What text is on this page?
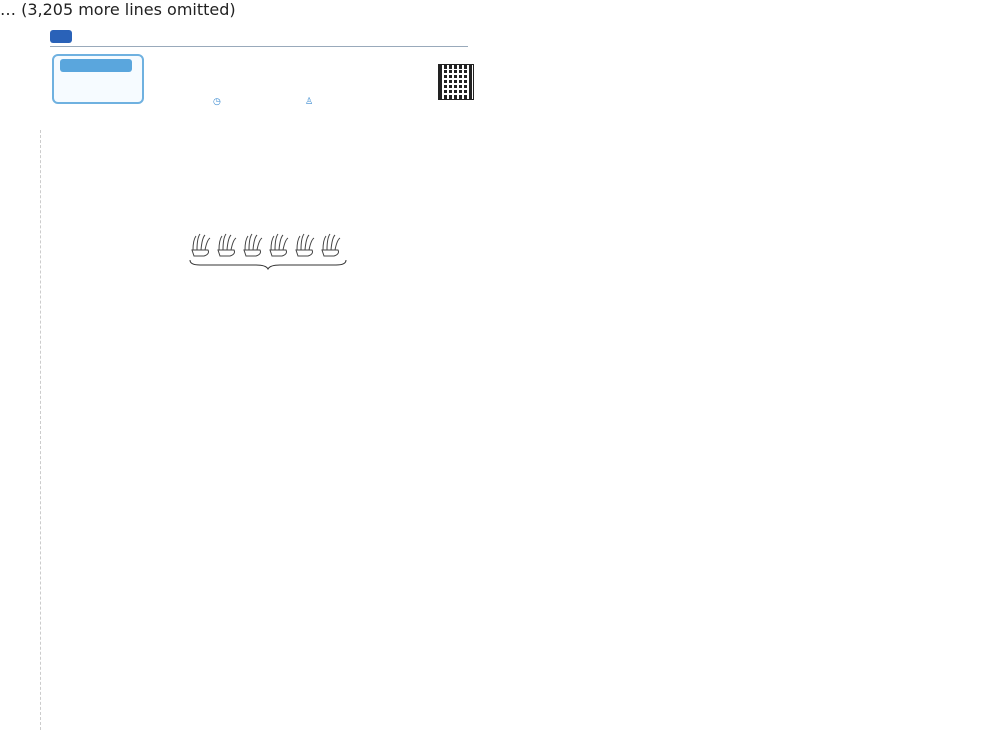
◷	♙
… (3,205 more lines omitted)
